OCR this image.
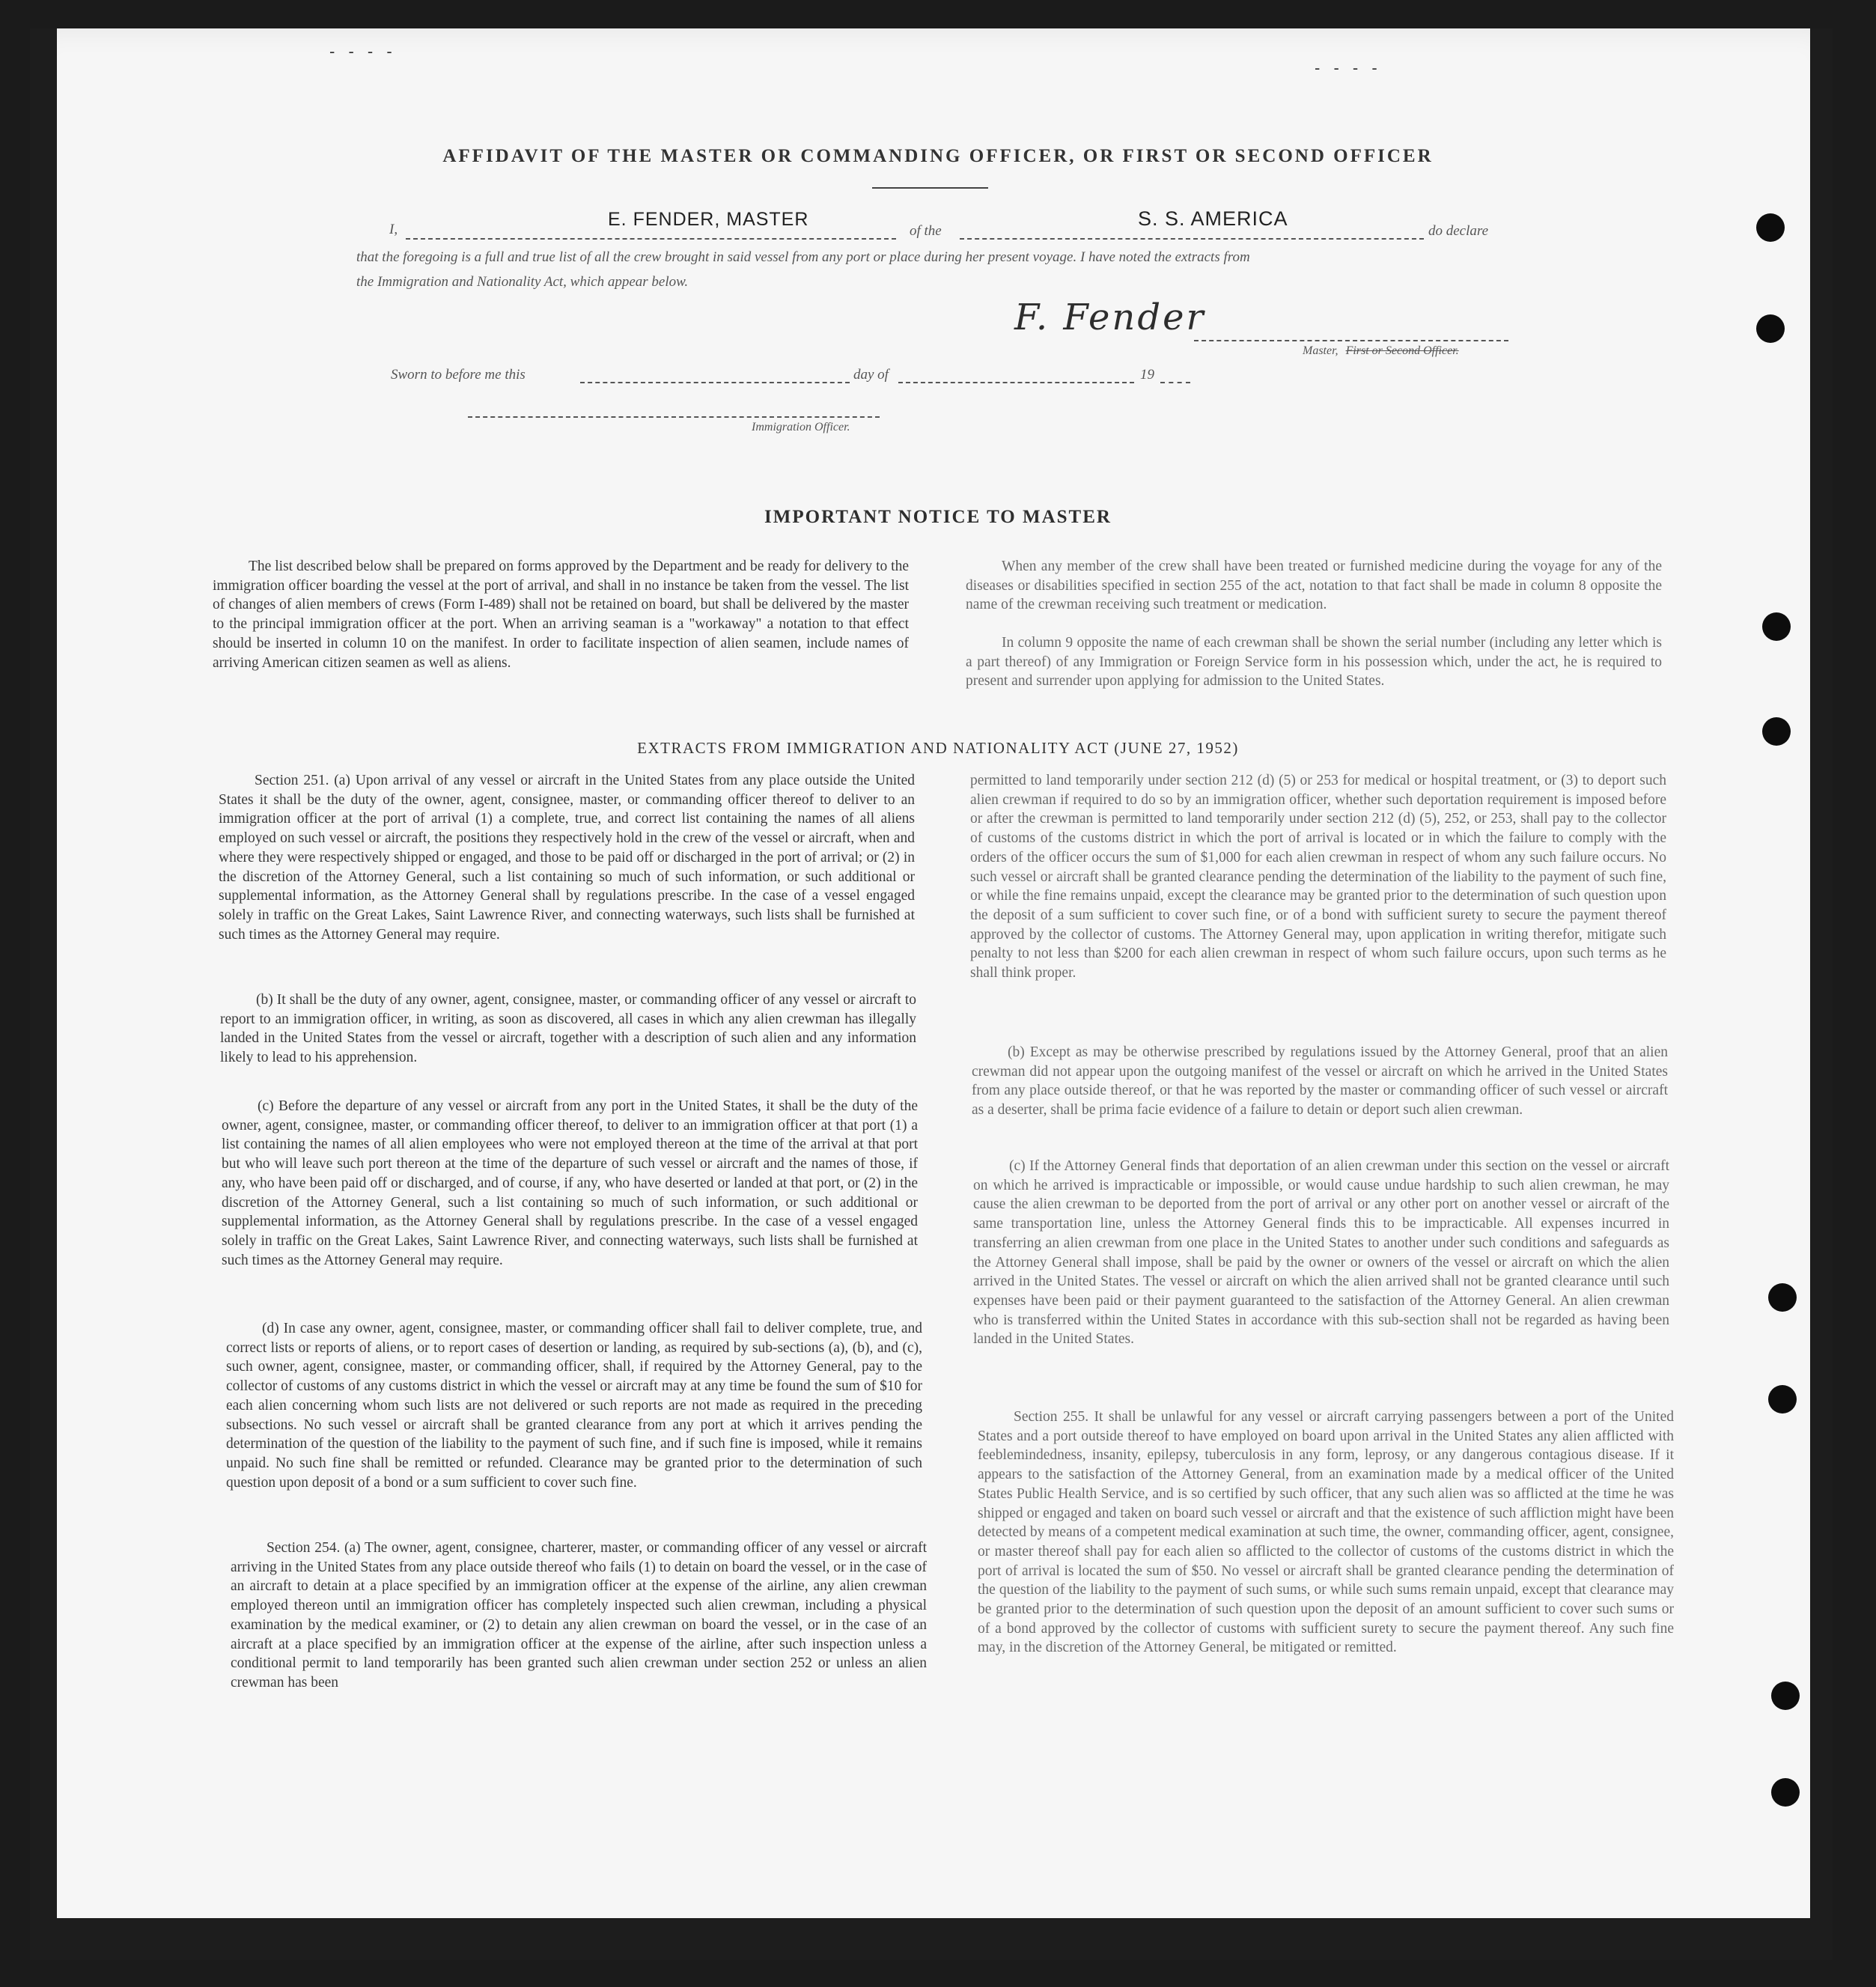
- - - -
- - - -
AFFIDAVIT OF THE MASTER OR COMMANDING OFFICER, OR FIRST OR SECOND OFFICER
I,	E. FENDER, MASTER
of the
S. S. AMERICA
do declare
that the foregoing is a full and true list of all the crew brought in said vessel from any port or place during her present voyage. I have noted the extracts from
the Immigration and Nationality Act, which appear below.
F. Fender
Master, First or Second Officer.
Sworn to before me this	day of	19
Immigration Officer.
IMPORTANT NOTICE TO MASTER

The list described below shall be prepared on forms approved by the Department and be ready for delivery to the immigration officer boarding the vessel at the port of arrival, and shall in no instance be taken from the vessel. The list of changes of alien members of crews (Form I-489) shall not be retained on board, but shall be delivered by the master to the principal immigration officer at the port. When an arriving seaman is a "workaway" a notation to that effect should be inserted in column 10 on the manifest. In order to facilitate inspection of alien seamen, include names of arriving American citizen seamen as well as aliens.

When any member of the crew shall have been treated or furnished medicine during the voyage for any of the diseases or disabilities specified in section 255 of the act, notation to that fact shall be made in column 8 opposite the name of the crewman receiving such treatment or medication.

In column 9 opposite the name of each crewman shall be shown the serial number (including any letter which is a part thereof) of any Immigration or Foreign Service form in his possession which, under the act, he is required to present and surrender upon applying for admission to the United States.

EXTRACTS FROM IMMIGRATION AND NATIONALITY ACT (JUNE 27, 1952)

Section 251. (a) Upon arrival of any vessel or aircraft in the United States from any place outside the United States it shall be the duty of the owner, agent, consignee, master, or commanding officer thereof to deliver to an immigration officer at the port of arrival (1) a complete, true, and correct list containing the names of all aliens employed on such vessel or aircraft, the positions they respectively hold in the crew of the vessel or aircraft, when and where they were respectively shipped or engaged, and those to be paid off or discharged in the port of arrival; or (2) in the discretion of the Attorney General, such a list containing so much of such information, or such additional or supplemental information, as the Attorney General shall by regulations prescribe. In the case of a vessel engaged solely in traffic on the Great Lakes, Saint Lawrence River, and connecting waterways, such lists shall be furnished at such times as the Attorney General may require.

(b) It shall be the duty of any owner, agent, consignee, master, or commanding officer of any vessel or aircraft to report to an immigration officer, in writing, as soon as discovered, all cases in which any alien crewman has illegally landed in the United States from the vessel or aircraft, together with a description of such alien and any information likely to lead to his apprehension.

(c) Before the departure of any vessel or aircraft from any port in the United States, it shall be the duty of the owner, agent, consignee, master, or commanding officer thereof, to deliver to an immigration officer at that port (1) a list containing the names of all alien employees who were not employed thereon at the time of the arrival at that port but who will leave such port thereon at the time of the departure of such vessel or aircraft and the names of those, if any, who have been paid off or discharged, and of course, if any, who have deserted or landed at that port, or (2) in the discretion of the Attorney General, such a list containing so much of such information, or such additional or supplemental information, as the Attorney General shall by regulations prescribe. In the case of a vessel engaged solely in traffic on the Great Lakes, Saint Lawrence River, and connecting waterways, such lists shall be furnished at such times as the Attorney General may require.

(d) In case any owner, agent, consignee, master, or commanding officer shall fail to deliver complete, true, and correct lists or reports of aliens, or to report cases of desertion or landing, as required by sub-sections (a), (b), and (c), such owner, agent, consignee, master, or commanding officer, shall, if required by the Attorney General, pay to the collector of customs of any customs district in which the vessel or aircraft may at any time be found the sum of $10 for each alien concerning whom such lists are not delivered or such reports are not made as required in the preceding subsections. No such vessel or aircraft shall be granted clearance from any port at which it arrives pending the determination of the question of the liability to the payment of such fine, and if such fine is imposed, while it remains unpaid. No such fine shall be remitted or refunded. Clearance may be granted prior to the determination of such question upon deposit of a bond or a sum sufficient to cover such fine.

Section 254. (a) The owner, agent, consignee, charterer, master, or commanding officer of any vessel or aircraft arriving in the United States from any place outside thereof who fails (1) to detain on board the vessel, or in the case of an aircraft to detain at a place specified by an immigration officer at the expense of the airline, any alien crewman employed thereon until an immigration officer has completely inspected such alien crewman, including a physical examination by the medical examiner, or (2) to detain any alien crewman on board the vessel, or in the case of an aircraft at a place specified by an immigration officer at the expense of the airline, after such inspection unless a conditional permit to land temporarily has been granted such alien crewman under section 252 or unless an alien crewman has been

permitted to land temporarily under section 212 (d) (5) or 253 for medical or hospital treatment, or (3) to deport such alien crewman if required to do so by an immigration officer, whether such deportation requirement is imposed before or after the crewman is permitted to land temporarily under section 212 (d) (5), 252, or 253, shall pay to the collector of customs of the customs district in which the port of arrival is located or in which the failure to comply with the orders of the officer occurs the sum of $1,000 for each alien crewman in respect of whom any such failure occurs. No such vessel or aircraft shall be granted clearance pending the determination of the liability to the payment of such fine, or while the fine remains unpaid, except the clearance may be granted prior to the determination of such question upon the deposit of a sum sufficient to cover such fine, or of a bond with sufficient surety to secure the payment thereof approved by the collector of customs. The Attorney General may, upon application in writing therefor, mitigate such penalty to not less than $200 for each alien crewman in respect of whom such failure occurs, upon such terms as he shall think proper.

(b) Except as may be otherwise prescribed by regulations issued by the Attorney General, proof that an alien crewman did not appear upon the outgoing manifest of the vessel or aircraft on which he arrived in the United States from any place outside thereof, or that he was reported by the master or commanding officer of such vessel or aircraft as a deserter, shall be prima facie evidence of a failure to detain or deport such alien crewman.

(c) If the Attorney General finds that deportation of an alien crewman under this section on the vessel or aircraft on which he arrived is impracticable or impossible, or would cause undue hardship to such alien crewman, he may cause the alien crewman to be deported from the port of arrival or any other port on another vessel or aircraft of the same transportation line, unless the Attorney General finds this to be impracticable. All expenses incurred in transferring an alien crewman from one place in the United States to another under such conditions and safeguards as the Attorney General shall impose, shall be paid by the owner or owners of the vessel or aircraft on which the alien arrived in the United States. The vessel or aircraft on which the alien arrived shall not be granted clearance until such expenses have been paid or their payment guaranteed to the satisfaction of the Attorney General. An alien crewman who is transferred within the United States in accordance with this sub-section shall not be regarded as having been landed in the United States.

Section 255. It shall be unlawful for any vessel or aircraft carrying passengers between a port of the United States and a port outside thereof to have employed on board upon arrival in the United States any alien afflicted with feeblemindedness, insanity, epilepsy, tuberculosis in any form, leprosy, or any dangerous contagious disease. If it appears to the satisfaction of the Attorney General, from an examination made by a medical officer of the United States Public Health Service, and is so certified by such officer, that any such alien was so afflicted at the time he was shipped or engaged and taken on board such vessel or aircraft and that the existence of such affliction might have been detected by means of a competent medical examination at such time, the owner, commanding officer, agent, consignee, or master thereof shall pay for each alien so afflicted to the collector of customs of the customs district in which the port of arrival is located the sum of $50. No vessel or aircraft shall be granted clearance pending the determination of the question of the liability to the payment of such sums, or while such sums remain unpaid, except that clearance may be granted prior to the determination of such question upon the deposit of an amount sufficient to cover such sums or of a bond approved by the collector of customs with sufficient surety to secure the payment thereof. Any such fine may, in the discretion of the Attorney General, be mitigated or remitted.
